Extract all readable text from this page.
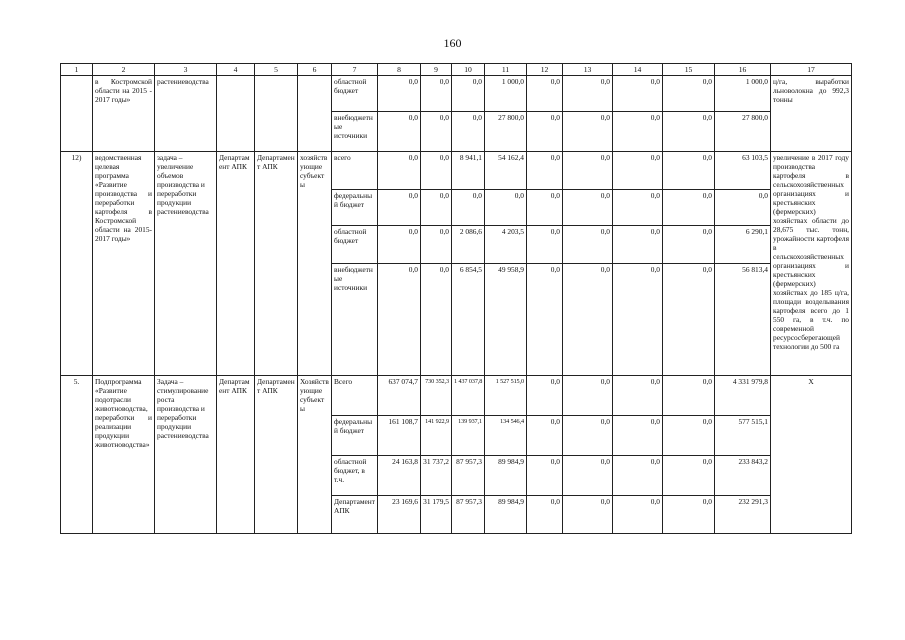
160
1	2	3	4	5	6	7	8	9	10	11	12	13	14	15	16	17
	в Костромской области на 2015 - 2017 годы»	растениеводства				областной бюджет	0,0	0,0	0,0	1 000,0	0,0	0,0	0,0	0,0	1 000,0	ц/га, выработки льноволокна до 992,3 тонны
						внебюджетные источники	0,0	0,0	0,0	27 800,0	0,0	0,0	0,0	0,0	27 800,0	
12)	ведомственная целевая программа «Развитие производства и переработки картофеля в Костромской области на 2015-2017 годы»	задача – увеличение объемов производства и переработки продукции растениеводства	Департамент АПК	Департамент АПК	хозяйствующие субъекты	всего	0,0	0,0	8 941,1	54 162,4	0,0	0,0	0,0	0,0	63 103,5	увеличение в 2017 году производства картофеля в сельскохозяйственных организациях и крестьянских (фермерских) хозяйствах области до 28,675 тыс. тонн, урожайности картофеля в сельскохозяйственных организациях и крестьянских (фермерских) хозяйствах до 185 ц/га, площади возделывания картофеля всего до 1 550 га, в т.ч. по современной ресурсосберегающей технологии до 500 га
						федеральный бюджет	0,0	0,0	0,0	0,0	0,0	0,0	0,0	0,0	0,0	
						областной бюджет	0,0	0,0	2 086,6	4 203,5	0,0	0,0	0,0	0,0	6 290,1	
						внебюджетные источники	0,0	0,0	6 854,5	49 958,9	0,0	0,0	0,0	0,0	56 813,4	
5.	Подпрограмма «Развитие подотрасли животноводства, переработки и реализации продукции животноводства»	Задача – стимулирование роста производства и переработки продукции растениеводства	Департамент АПК	Департамент АПК	Хозяйствующие субъекты	Всего	637 074,7	730 352,3	1 437 037,8	1 527 515,0	0,0	0,0	0,0	0,0	4 331 979,8	Х
						федеральный бюджет	161 108,7	141 922,9	139 937,1	134 546,4	0,0	0,0	0,0	0,0	577 515,1	
						областной бюджет, в т.ч.	24 163,8	31 737,2	87 957,3	89 984,9	0,0	0,0	0,0	0,0	233 843,2	
						Департамент АПК	23 169,6	31 179,5	87 957,3	89 984,9	0,0	0,0	0,0	0,0	232 291,3	
